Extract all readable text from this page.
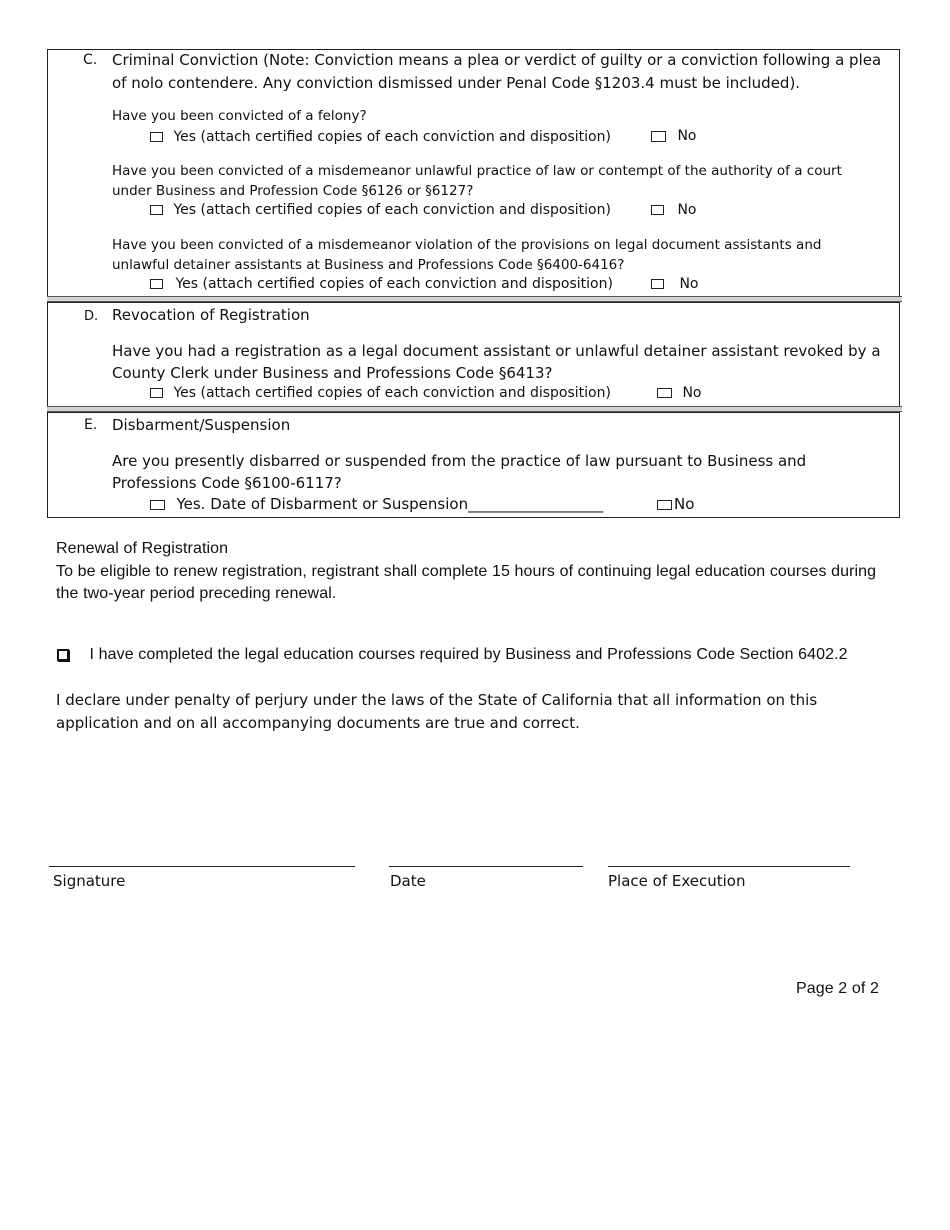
C. Criminal Conviction (Note: Conviction means a plea or verdict of guilty or a conviction following a plea
of nolo contendere. Any conviction dismissed under Penal Code §1203.4 must be included).
Have you been convicted of a felony?
Yes (attach certified copies of each conviction and disposition)	No
Have you been convicted of a misdemeanor unlawful practice of law or contempt of the authority of a court under Business and Profession Code §6126 or §6127?
Yes (attach certified copies of each conviction and disposition)	No
Have you been convicted of a misdemeanor violation of the provisions on legal document assistants and unlawful detainer assistants at Business and Professions Code §6400-6416?
Yes (attach certified copies of each conviction and disposition)	No
D. Revocation of Registration
Have you had a registration as a legal document assistant or unlawful detainer assistant revoked by a County Clerk under Business and Professions Code §6413?
Yes (attach certified copies of each conviction and disposition)	No
E. Disbarment/Suspension
Are you presently disbarred or suspended from the practice of law pursuant to Business and Professions Code §6100-6117?
Yes. Date of Disbarment or Suspension__________________	No
Renewal of Registration
To be eligible to renew registration, registrant shall complete 15 hours of continuing legal education courses during the two-year period preceding renewal.
I have completed the legal education courses required by Business and Professions Code Section 6402.2
I declare under penalty of perjury under the laws of the State of California that all information on this application and on all accompanying documents are true and correct.
Signature	Date	Place of Execution
Page 2 of 2
